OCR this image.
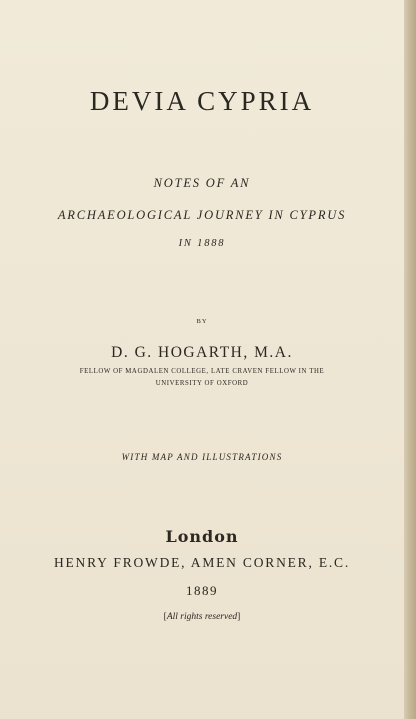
DEVIA CYPRIA
NOTES OF AN
ARCHAEOLOGICAL JOURNEY IN CYPRUS
IN 1888
BY
D. G. HOGARTH, M.A.
FELLOW OF MAGDALEN COLLEGE, LATE CRAVEN FELLOW IN THE
UNIVERSITY OF OXFORD
WITH MAP AND ILLUSTRATIONS
London
HENRY FROWDE, AMEN CORNER, E.C.
1889
[All rights reserved]
